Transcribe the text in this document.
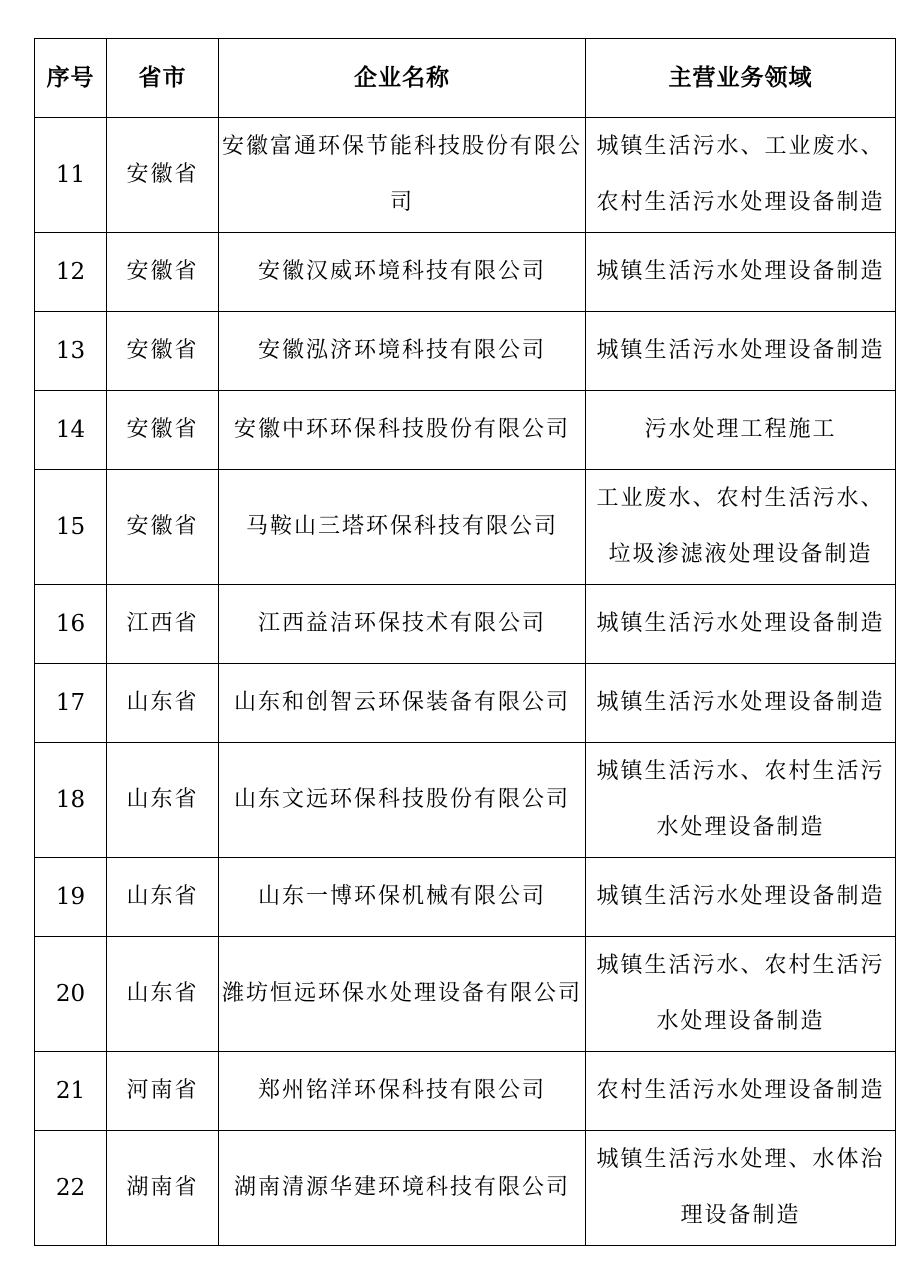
序号	省市	企业名称	主营业务领域
11	安徽省	安徽富通环保节能科技股份有限公司	城镇生活污水、工业废水、农村生活污水处理设备制造
12	安徽省	安徽汉威环境科技有限公司	城镇生活污水处理设备制造
13	安徽省	安徽泓济环境科技有限公司	城镇生活污水处理设备制造
14	安徽省	安徽中环环保科技股份有限公司	污水处理工程施工
15	安徽省	马鞍山三塔环保科技有限公司	工业废水、农村生活污水、垃圾渗滤液处理设备制造
16	江西省	江西益洁环保技术有限公司	城镇生活污水处理设备制造
17	山东省	山东和创智云环保装备有限公司	城镇生活污水处理设备制造
18	山东省	山东文远环保科技股份有限公司	城镇生活污水、农村生活污水处理设备制造
19	山东省	山东一博环保机械有限公司	城镇生活污水处理设备制造
20	山东省	潍坊恒远环保水处理设备有限公司	城镇生活污水、农村生活污水处理设备制造
21	河南省	郑州铭洋环保科技有限公司	农村生活污水处理设备制造
22	湖南省	湖南清源华建环境科技有限公司	城镇生活污水处理、水体治理设备制造
